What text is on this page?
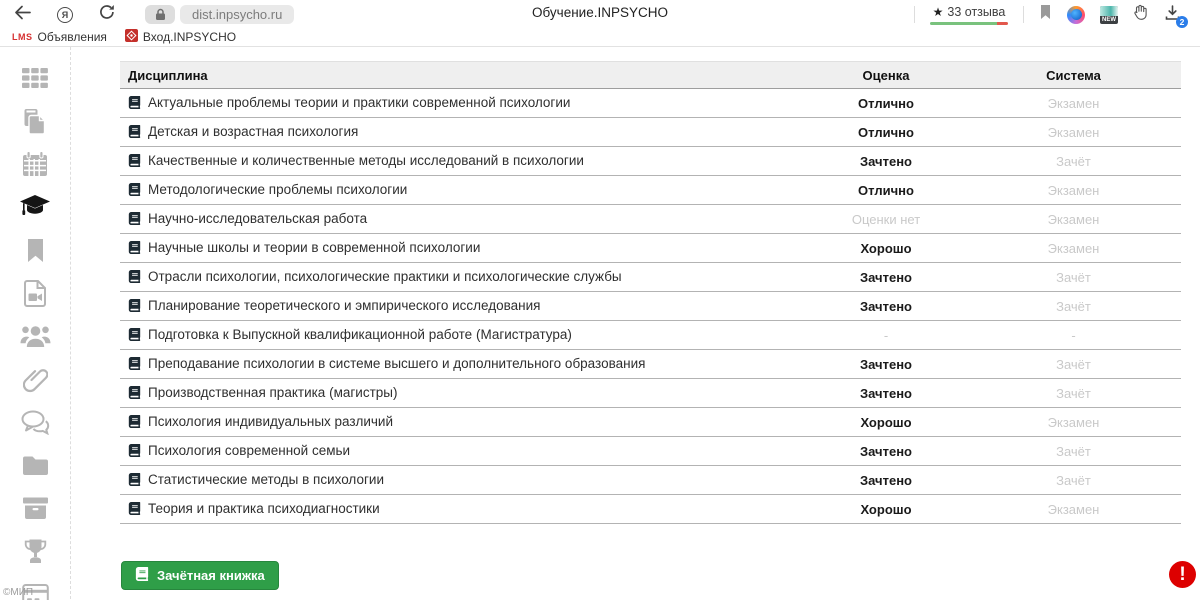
Я	dist.inpsycho.ru	Обучение.INPSYCHO	★ 33 отзыва
NEW	2
LMS Объявления	Вход.INPSYCHO
©МИП
Дисциплина	Оценка	Система
Актуальные проблемы теории и практики современной психологии	Отлично	Экзамен
Детская и возрастная психология	Отлично	Экзамен
Качественные и количественные методы исследований в психологии	Зачтено	Зачёт
Методологические проблемы психологии	Отлично	Экзамен
Научно-исследовательская работа	Оценки нет	Экзамен
Научные школы и теории в современной психологии	Хорошо	Экзамен
Отрасли психологии, психологические практики и психологические службы	Зачтено	Зачёт
Планирование теоретического и эмпирического исследования	Зачтено	Зачёт
Подготовка к Выпускной квалификационной работе (Магистратура)	-	-
Преподавание психологии в системе высшего и дополнительного образования	Зачтено	Зачёт
Производственная практика (магистры)	Зачтено	Зачёт
Психология индивидуальных различий	Хорошо	Экзамен
Психология современной семьи	Зачтено	Зачёт
Статистические методы в психологии	Зачтено	Зачёт
Теория и практика психодиагностики	Хорошо	Экзамен
Зачётная книжка	!
